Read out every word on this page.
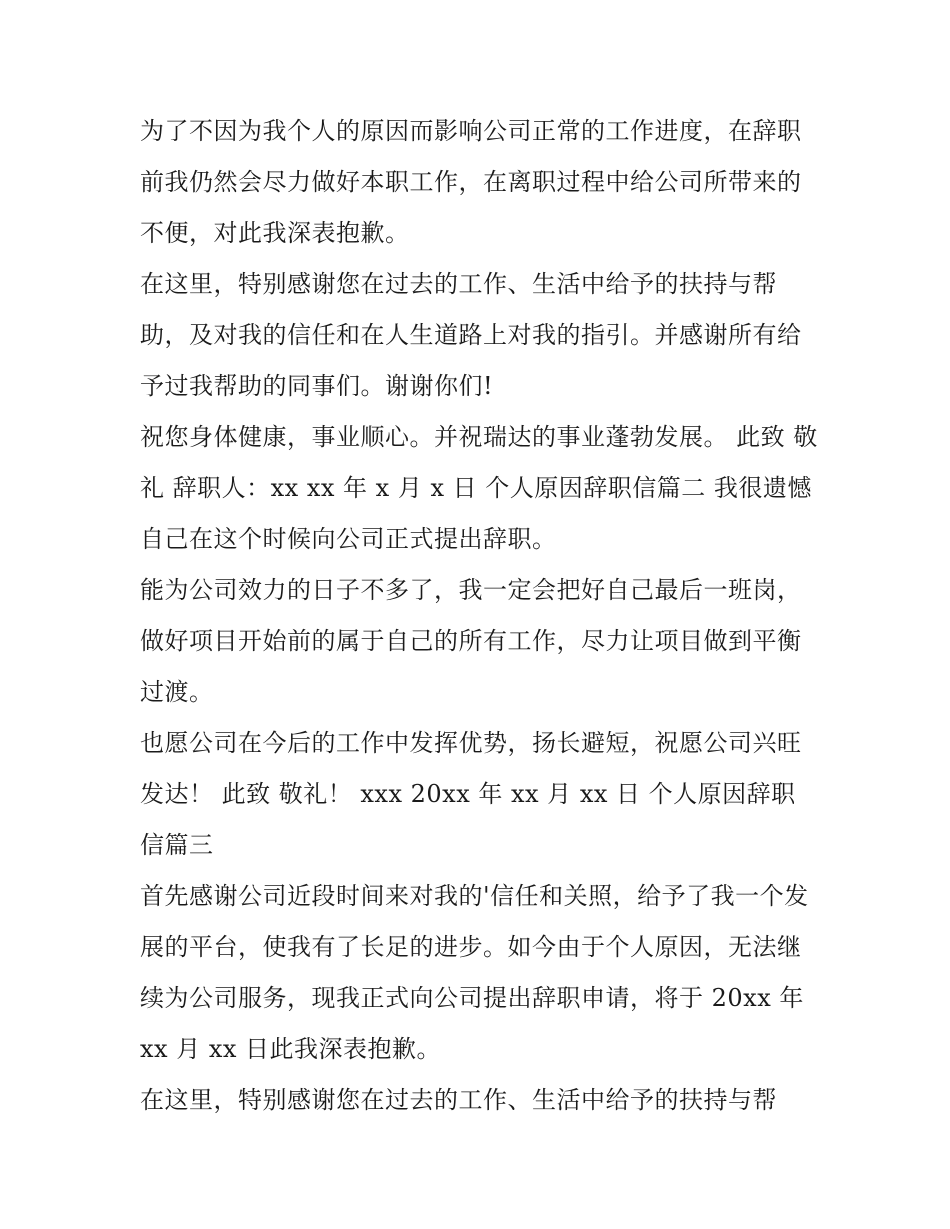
为了不因为我个人的原因而影响公司正常的工作进度，在辞职前我仍然会尽力做好本职工作，在离职过程中给公司所带来的不便，对此我深表抱歉。

在这里，特别感谢您在过去的工作、生活中给予的扶持与帮助，及对我的信任和在人生道路上对我的指引。并感谢所有给予过我帮助的同事们。谢谢你们!

祝您身体健康，事业顺心。并祝瑞达的事业蓬勃发展。 此致 敬礼 辞职人：xx xx 年 x 月 x 日 个人原因辞职信篇二 我很遗憾自己在这个时候向公司正式提出辞职。

能为公司效力的日子不多了，我一定会把好自己最后一班岗，做好项目开始前的属于自己的所有工作，尽力让项目做到平衡过渡。

也愿公司在今后的工作中发挥优势，扬长避短，祝愿公司兴旺发达！ 此致 敬礼！ xxx 20xx 年 xx 月 xx 日 个人原因辞职信篇三

首先感谢公司近段时间来对我的'信任和关照，给予了我一个发展的平台，使我有了长足的进步。如今由于个人原因，无法继续为公司服务，现我正式向公司提出辞职申请，将于 20xx 年 xx 月 xx 日此我深表抱歉。

在这里，特别感谢您在过去的工作、生活中给予的扶持与帮
